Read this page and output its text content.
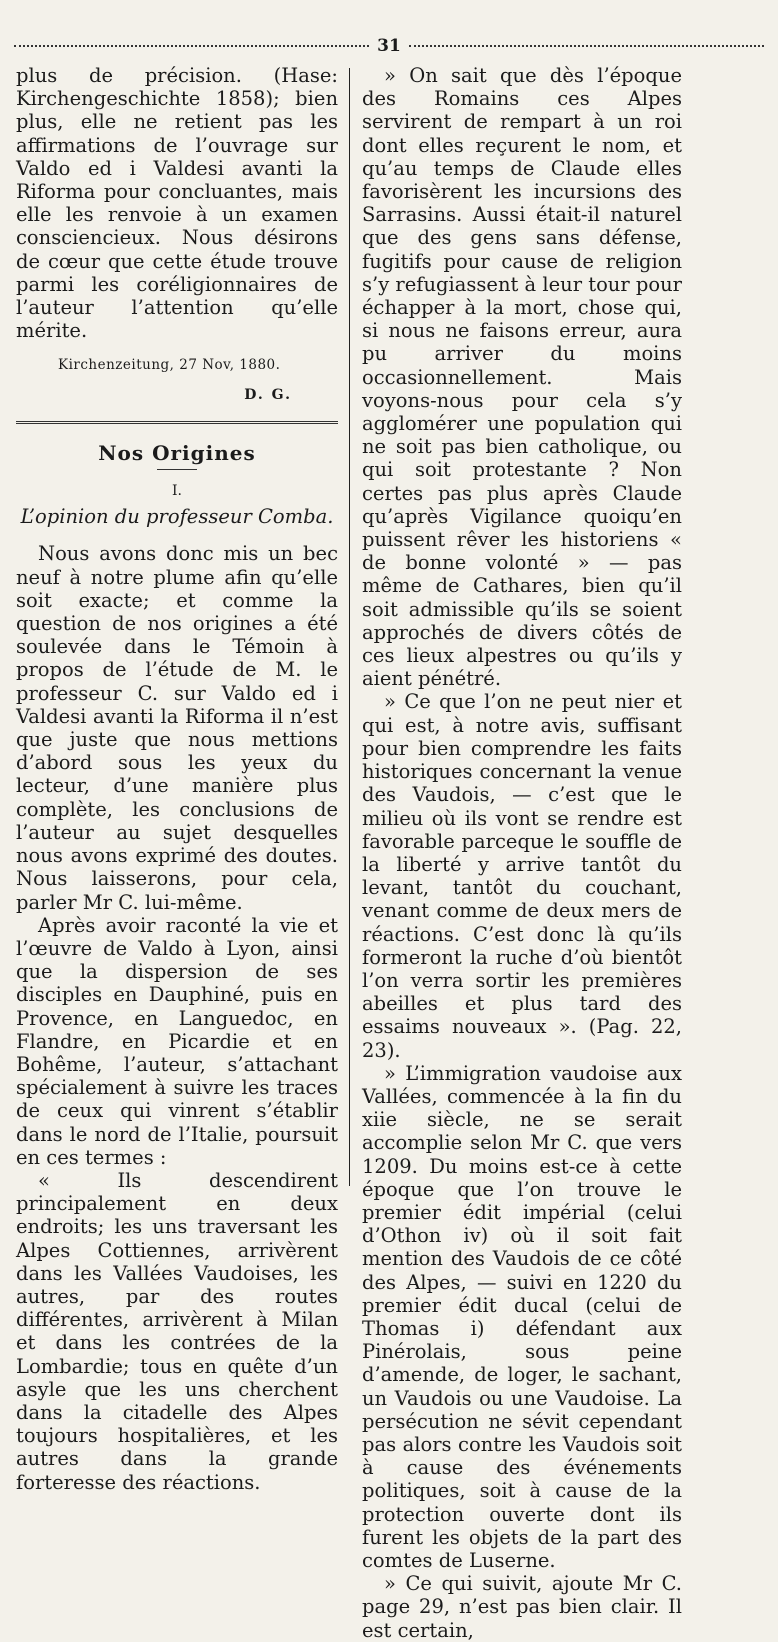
31

plus de précision. (Hase: Kirchengeschichte 1858); bien plus, elle ne retient pas les affirmations de l’ouvrage sur Valdo ed i Valdesi avanti la Riforma pour concluantes, mais elle les renvoie à un examen consciencieux. Nous désirons de cœur que cette étude trouve parmi les coréligionnaires de l’auteur l’attention qu’elle mérite.

Kirchenzeitung, 27 Nov, 1880.
D. G.
Nos Origines
I.
L’opinion du professeur Comba.

Nous avons donc mis un bec neuf à notre plume afin qu’elle soit exacte; et comme la question de nos origines a été soulevée dans le Témoin à propos de l’étude de M. le professeur C. sur Valdo ed i Valdesi avanti la Riforma il n’est que juste que nous mettions d’abord sous les yeux du lecteur, d’une manière plus complète, les conclusions de l’auteur au sujet desquelles nous avons exprimé des doutes. Nous laisserons, pour cela, parler Mr C. lui-même.

Après avoir raconté la vie et l’œuvre de Valdo à Lyon, ainsi que la dispersion de ses disciples en Dauphiné, puis en Provence, en Languedoc, en Flandre, en Picardie et en Bohême, l’auteur, s’attachant spécialement à suivre les traces de ceux qui vinrent s’établir dans le nord de l’Italie, poursuit en ces termes :

« Ils descendirent principalement en deux endroits; les uns traversant les Alpes Cottiennes, arrivèrent dans les Vallées Vaudoises, les autres, par des routes différentes, arrivèrent à Milan et dans les contrées de la Lombardie; tous en quête d’un asyle que les uns cherchent dans la citadelle des Alpes toujours hospitalières, et les autres dans la grande forteresse des réactions.

» On sait que dès l’époque des Romains ces Alpes servirent de rempart à un roi dont elles reçurent le nom, et qu’au temps de Claude elles favorisèrent les incursions des Sarrasins. Aussi était-il naturel que des gens sans défense, fugitifs pour cause de religion s’y refugiassent à leur tour pour échapper à la mort, chose qui, si nous ne faisons erreur, aura pu arriver du moins occasionnellement. Mais voyons-nous pour cela s’y agglomérer une population qui ne soit pas bien catholique, ou qui soit protestante ? Non certes pas plus après Claude qu’après Vigilance quoiqu’en puissent rêver les historiens « de bonne volonté » — pas même de Cathares, bien qu’il soit admissible qu’ils se soient approchés de divers côtés de ces lieux alpestres ou qu’ils y aient pénétré.

» Ce que l’on ne peut nier et qui est, à notre avis, suffisant pour bien comprendre les faits historiques concernant la venue des Vaudois, — c’est que le milieu où ils vont se rendre est favorable parceque le souffle de la liberté y arrive tantôt du levant, tantôt du couchant, venant comme de deux mers de réactions. C’est donc là qu’ils formeront la ruche d’où bientôt l’on verra sortir les premières abeilles et plus tard des essaims nouveaux ». (Pag. 22, 23).

» L’immigration vaudoise aux Vallées, commencée à la fin du xiie siècle, ne se serait accomplie selon Mr C. que vers 1209. Du moins est-ce à cette époque que l’on trouve le premier édit impérial (celui d’Othon iv) où il soit fait mention des Vaudois de ce côté des Alpes, — suivi en 1220 du premier édit ducal (celui de Thomas i) défendant aux Pinérolais, sous peine d’amende, de loger, le sachant, un Vaudois ou une Vaudoise. La persécution ne sévit cependant pas alors contre les Vaudois soit à cause des événements politiques, soit à cause de la protection ouverte dont ils furent les objets de la part des comtes de Luserne.

» Ce qui suivit, ajoute Mr C. page 29, n’est pas bien clair. Il est certain,
